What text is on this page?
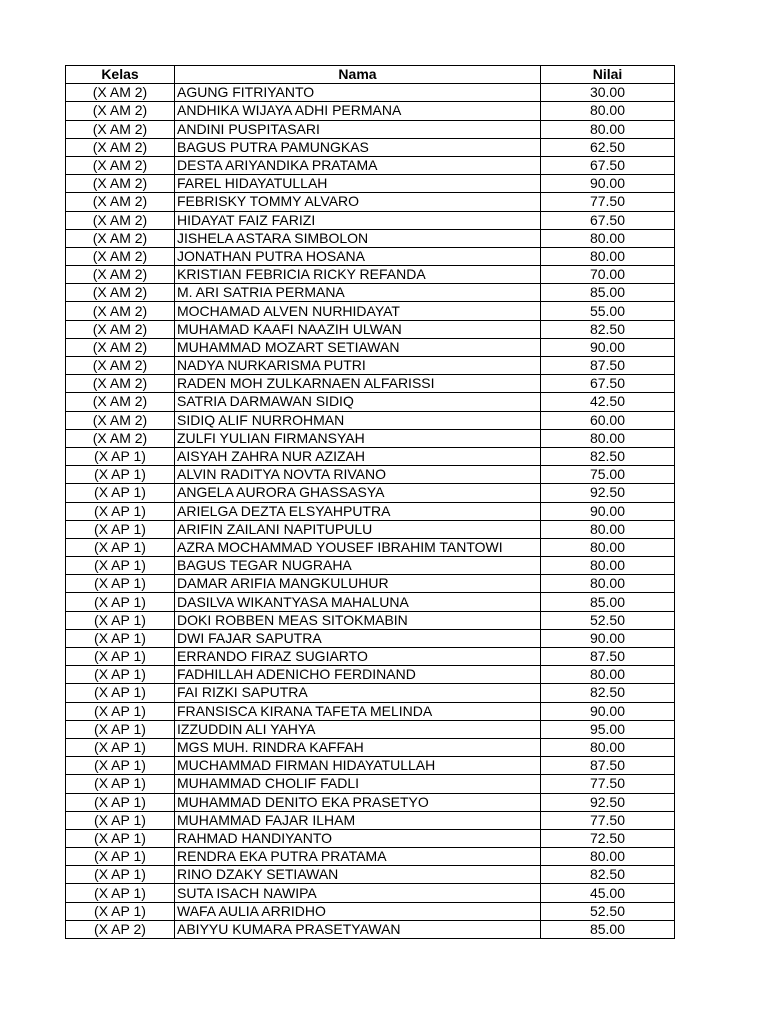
Kelas	Nama	Nilai
(X AM 2)	AGUNG FITRIYANTO	30.00
(X AM 2)	ANDHIKA WIJAYA ADHI PERMANA	80.00
(X AM 2)	ANDINI PUSPITASARI	80.00
(X AM 2)	BAGUS PUTRA PAMUNGKAS	62.50
(X AM 2)	DESTA ARIYANDIKA PRATAMA	67.50
(X AM 2)	FAREL HIDAYATULLAH	90.00
(X AM 2)	FEBRISKY TOMMY ALVARO	77.50
(X AM 2)	HIDAYAT FAIZ FARIZI	67.50
(X AM 2)	JISHELA ASTARA SIMBOLON	80.00
(X AM 2)	JONATHAN PUTRA HOSANA	80.00
(X AM 2)	KRISTIAN FEBRICIA RICKY REFANDA	70.00
(X AM 2)	M. ARI SATRIA PERMANA	85.00
(X AM 2)	MOCHAMAD ALVEN NURHIDAYAT	55.00
(X AM 2)	MUHAMAD KAAFI NAAZIH ULWAN	82.50
(X AM 2)	MUHAMMAD MOZART SETIAWAN	90.00
(X AM 2)	NADYA NURKARISMA PUTRI	87.50
(X AM 2)	RADEN MOH ZULKARNAEN ALFARISSI	67.50
(X AM 2)	SATRIA DARMAWAN SIDIQ	42.50
(X AM 2)	SIDIQ ALIF NURROHMAN	60.00
(X AM 2)	ZULFI YULIAN FIRMANSYAH	80.00
(X AP 1)	AISYAH ZAHRA NUR AZIZAH	82.50
(X AP 1)	ALVIN RADITYA NOVTA RIVANO	75.00
(X AP 1)	ANGELA AURORA GHASSASYA	92.50
(X AP 1)	ARIELGA DEZTA ELSYAHPUTRA	90.00
(X AP 1)	ARIFIN ZAILANI NAPITUPULU	80.00
(X AP 1)	AZRA MOCHAMMAD YOUSEF IBRAHIM TANTOWI	80.00
(X AP 1)	BAGUS TEGAR NUGRAHA	80.00
(X AP 1)	DAMAR ARIFIA MANGKULUHUR	80.00
(X AP 1)	DASILVA WIKANTYASA MAHALUNA	85.00
(X AP 1)	DOKI ROBBEN MEAS SITOKMABIN	52.50
(X AP 1)	DWI FAJAR SAPUTRA	90.00
(X AP 1)	ERRANDO FIRAZ SUGIARTO	87.50
(X AP 1)	FADHILLAH ADENICHO FERDINAND	80.00
(X AP 1)	FAI RIZKI SAPUTRA	82.50
(X AP 1)	FRANSISCA KIRANA TAFETA MELINDA	90.00
(X AP 1)	IZZUDDIN ALI YAHYA	95.00
(X AP 1)	MGS MUH. RINDRA KAFFAH	80.00
(X AP 1)	MUCHAMMAD FIRMAN HIDAYATULLAH	87.50
(X AP 1)	MUHAMMAD CHOLIF FADLI	77.50
(X AP 1)	MUHAMMAD DENITO EKA PRASETYO	92.50
(X AP 1)	MUHAMMAD FAJAR ILHAM	77.50
(X AP 1)	RAHMAD HANDIYANTO	72.50
(X AP 1)	RENDRA EKA PUTRA PRATAMA	80.00
(X AP 1)	RINO DZAKY SETIAWAN	82.50
(X AP 1)	SUTA ISACH NAWIPA	45.00
(X AP 1)	WAFA AULIA ARRIDHO	52.50
(X AP 2)	ABIYYU KUMARA PRASETYAWAN	85.00
